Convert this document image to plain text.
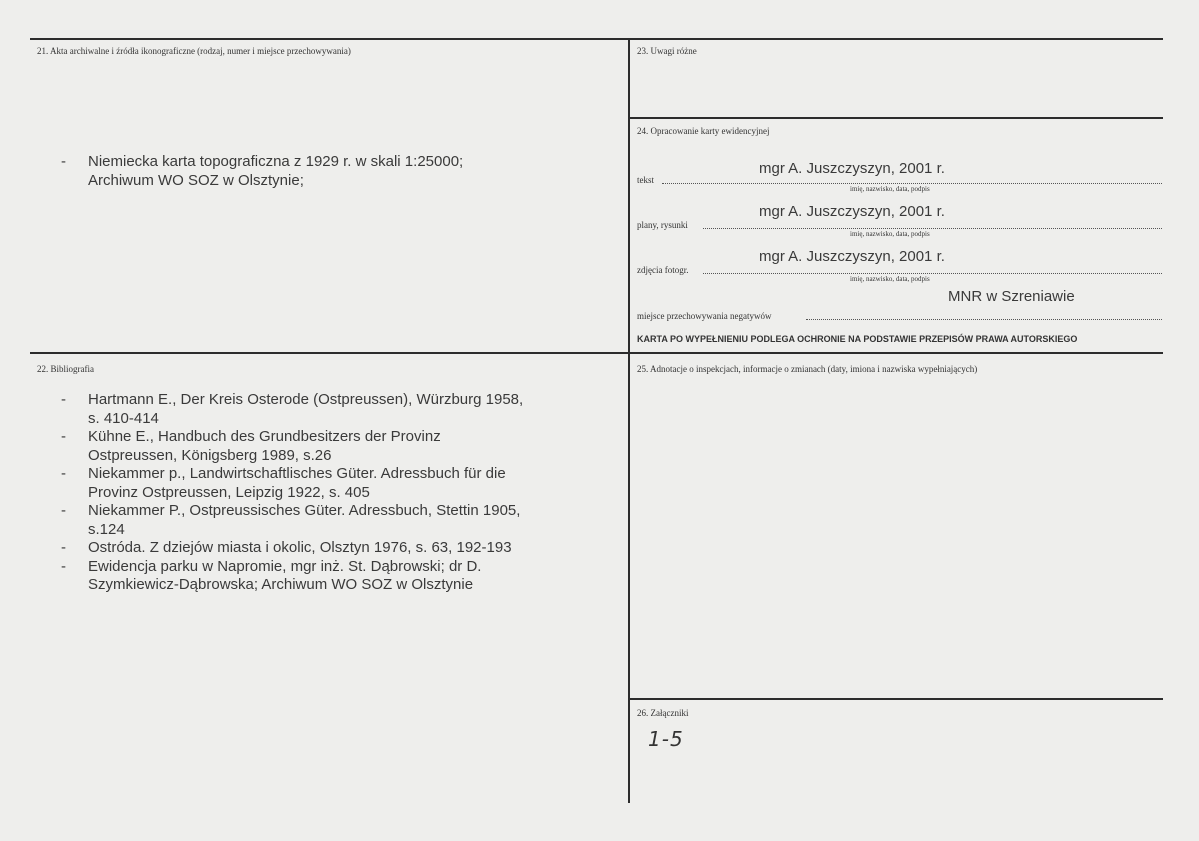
21. Akta archiwalne i źródła ikonograficzne (rodzaj, numer i miejsce przechowywania)
- Niemiecka karta topograficzna z 1929 r. w skali 1:25000;
Archiwum WO SOZ w Olsztynie;
22. Bibliografia
- Hartmann E., Der Kreis Osterode (Ostpreussen), Würzburg 1958,
s. 410-414
- Kühne E., Handbuch des Grundbesitzers der Provinz
Ostpreussen, Königsberg 1989, s.26
- Niekammer p., Landwirtschaftlisches Güter. Adressbuch für die
Provinz Ostpreussen, Leipzig 1922, s. 405
- Niekammer P., Ostpreussisches Güter. Adressbuch, Stettin 1905,
s.124
- Ostróda. Z dziejów miasta i okolic, Olsztyn 1976, s. 63, 192-193
- Ewidencja parku w Napromie, mgr inż. St. Dąbrowski; dr D.
Szymkiewicz-Dąbrowska; Archiwum WO SOZ w Olsztynie
23. Uwagi różne
24. Opracowanie karty ewidencyjnej
mgr A. Juszczyszyn, 2001 r.
tekst
imię, nazwisko, data, podpis
mgr A. Juszczyszyn, 2001 r.
plany, rysunki
imię, nazwisko, data, podpis
mgr A. Juszczyszyn, 2001 r.
zdjęcia fotogr.
imię, nazwisko, data, podpis
MNR w Szreniawie
miejsce przechowywania negatywów
KARTA PO WYPEŁNIENIU PODLEGA OCHRONIE NA PODSTAWIE PRZEPISÓW PRAWA AUTORSKIEGO
25. Adnotacje o inspekcjach, informacje o zmianach (daty, imiona i nazwiska wypełniających)
26. Załączniki
1-5
